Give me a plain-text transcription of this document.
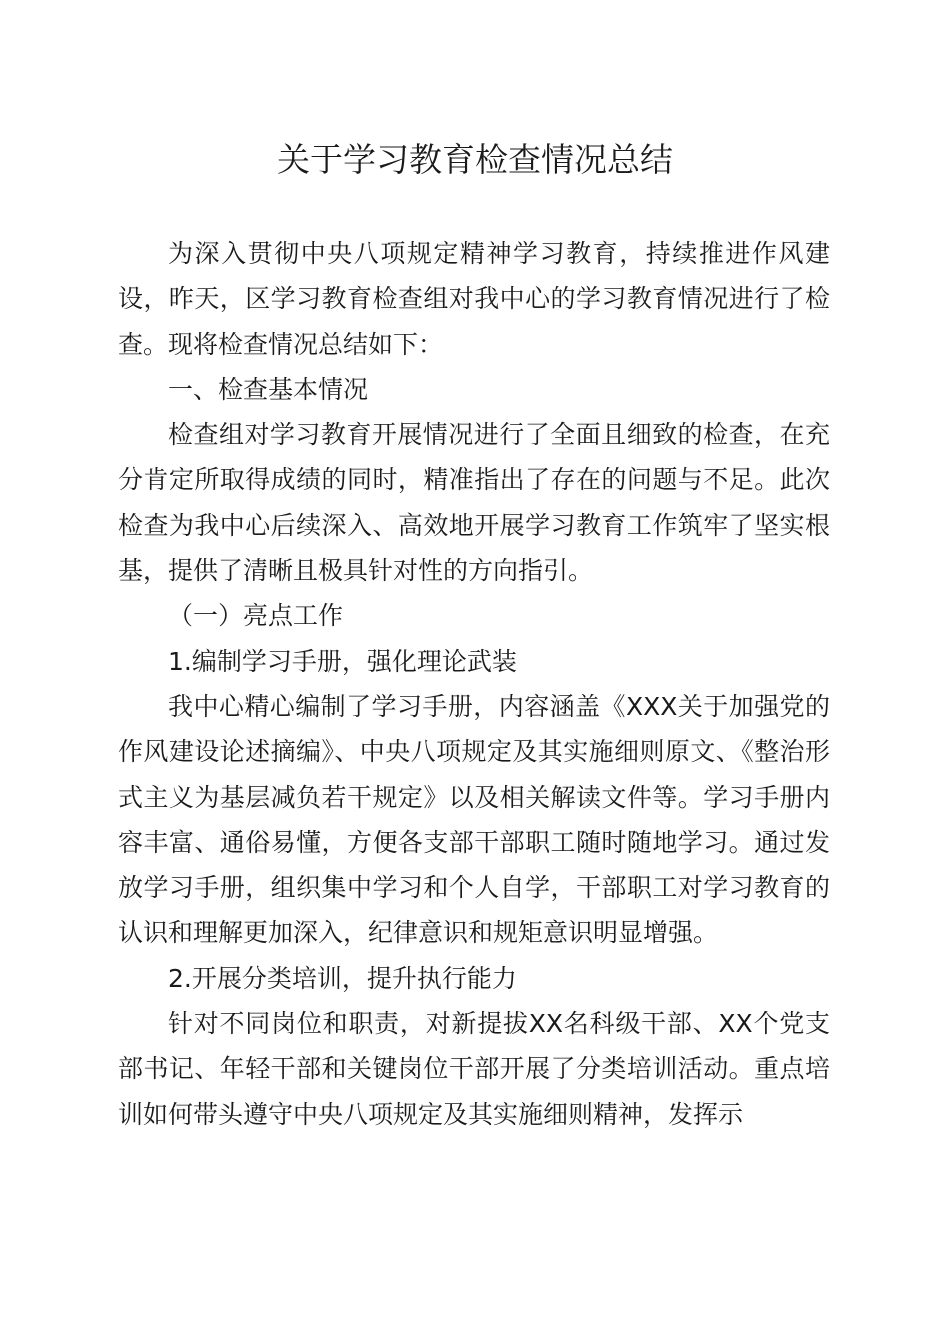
关于学习教育检查情况总结

为深入贯彻中央八项规定精神学习教育，持续推进作风建设，昨天，区学习教育检查组对我中心的学习教育情况进行了检查。现将检查情况总结如下：

一、检查基本情况

检查组对学习教育开展情况进行了全面且细致的检查，在充分肯定所取得成绩的同时，精准指出了存在的问题与不足。此次检查为我中心后续深入、高效地开展学习教育工作筑牢了坚实根基，提供了清晰且极具针对性的方向指引。

（一）亮点工作

1.编制学习手册，强化理论武装

我中心精心编制了学习手册，内容涵盖《XXX关于加强党的作风建设论述摘编》、中央八项规定及其实施细则原文、《整治形式主义为基层减负若干规定》以及相关解读文件等。学习手册内容丰富、通俗易懂，方便各支部干部职工随时随地学习。通过发放学习手册，组织集中学习和个人自学，干部职工对学习教育的认识和理解更加深入，纪律意识和规矩意识明显增强。

2.开展分类培训，提升执行能力

针对不同岗位和职责，对新提拔XX名科级干部、XX个党支部书记、年轻干部和关键岗位干部开展了分类培训活动。重点培训如何带头遵守中央八项规定及其实施细则精神，发挥示
